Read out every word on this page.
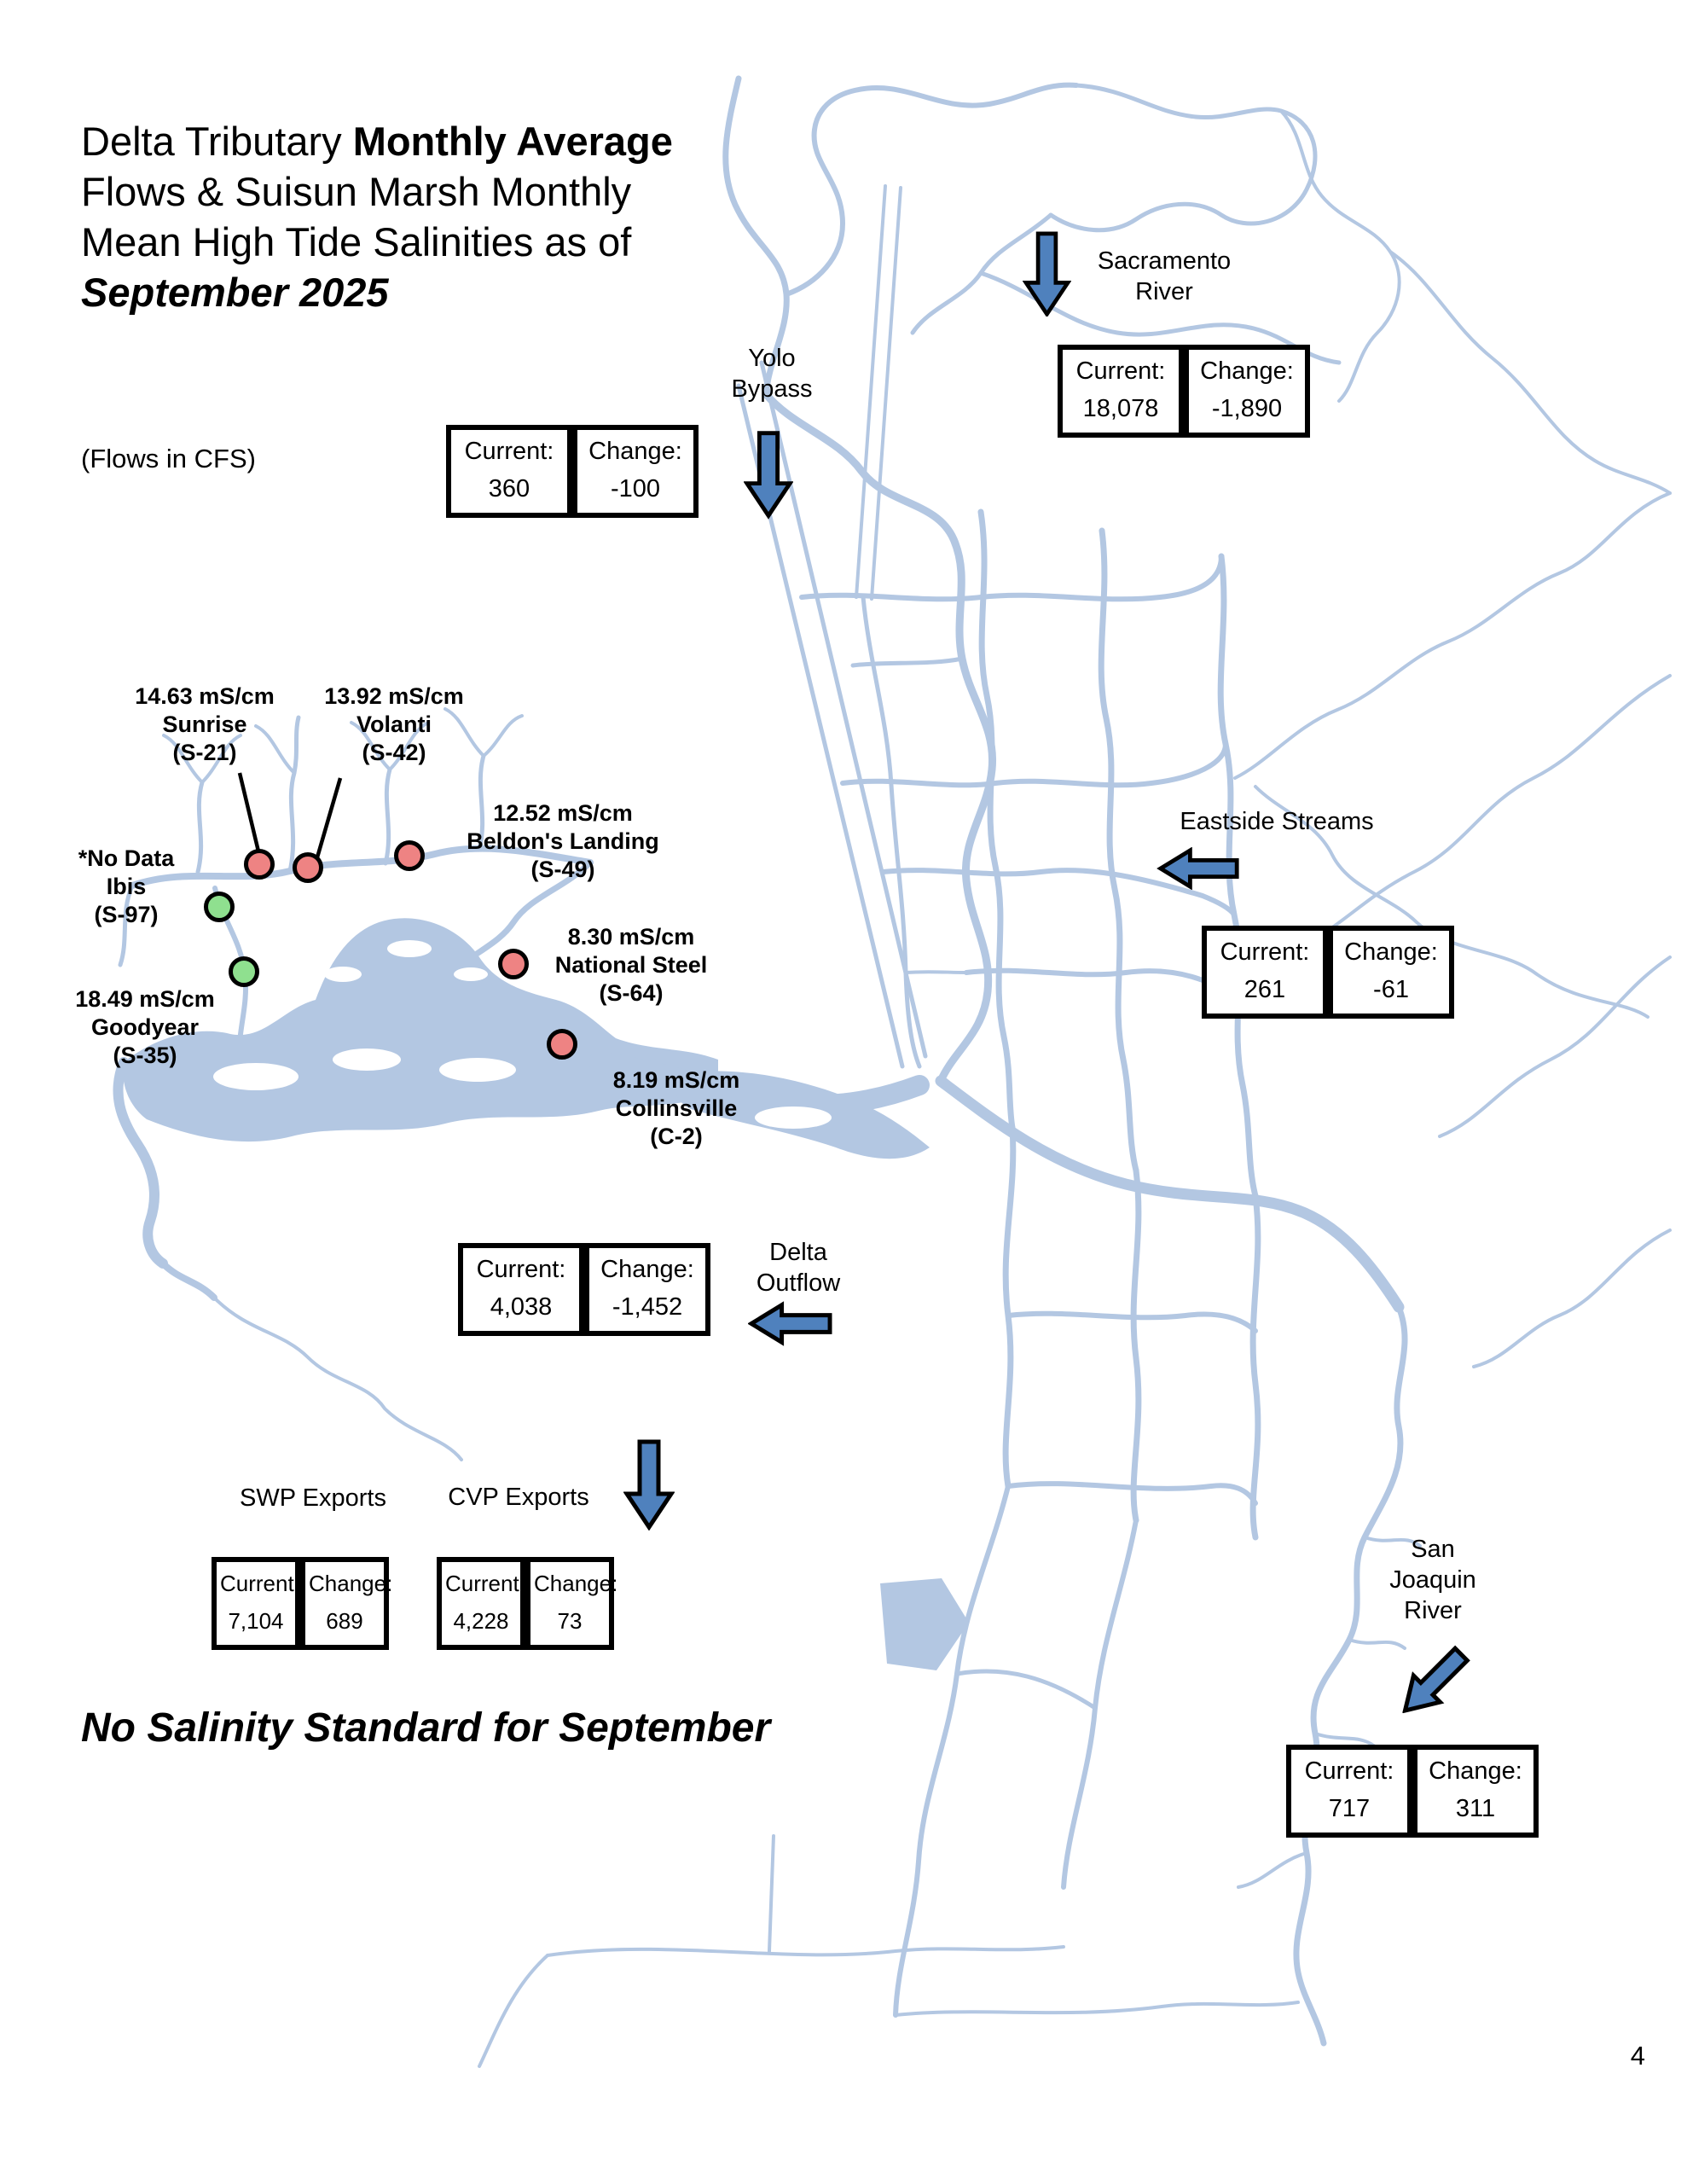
Delta Tributary Monthly Average
Flows & Suisun Marsh Monthly
Mean High Tide Salinities as of
September 2025
(Flows in CFS)
Yolo
Bypass
Current:
360
Change:
-100
Sacramento
River
Current:
18,078
Change:
-1,890
Eastside Streams
Current:
261
Change:
-61
Delta
Outflow
Current:
4,038
Change:
-1,452
SWP Exports
Current:
7,104
Change:
689
CVP Exports
Current:
4,228
Change:
73
San
Joaquin
River
Current:
717
Change:
311
14.63 mS/cm
Sunrise
(S-21)
13.92 mS/cm
Volanti
(S-42)
12.52 mS/cm
Beldon's Landing
(S-49)
*No Data
Ibis
(S-97)
18.49 mS/cm
Goodyear
(S-35)
8.30 mS/cm
National Steel
(S-64)
8.19 mS/cm
Collinsville
(C-2)
No Salinity Standard for September
4
